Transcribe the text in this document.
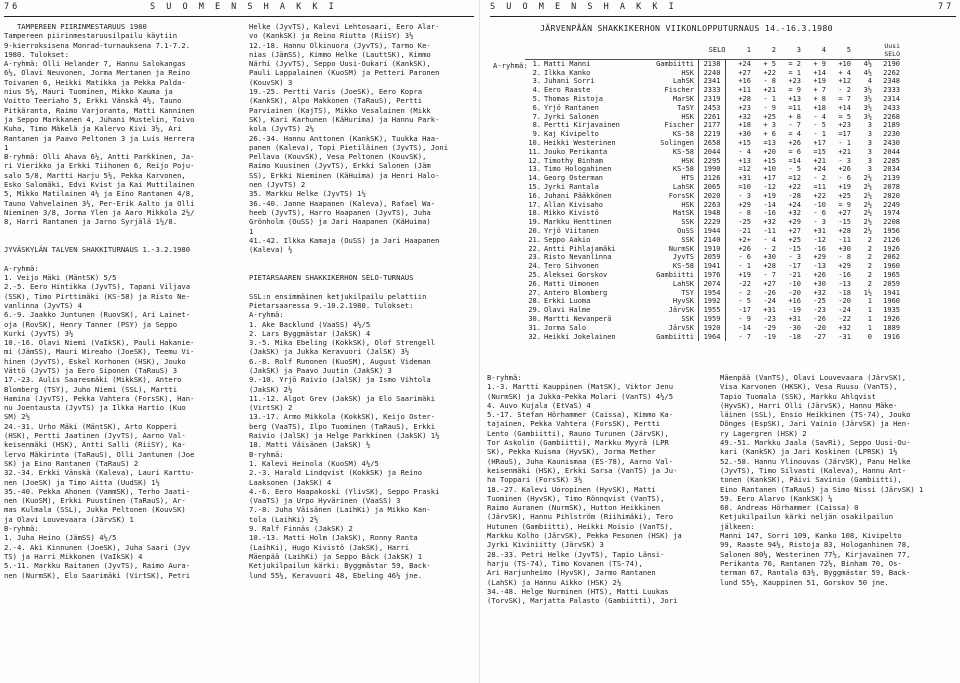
76	S U O M E N S H A K K I
TAMPEREEN PIIRINMESTARUUS 1980
Tampereen piirinmestaruusilpailu käytiin
9-kierroksisena Monrad-turnauksena 7.1-7.2.
1980. Tulokset:
A-ryhmä: Olli Helander 7, Hannu Salokangas
6½, Olavi Neuvonen, Jorma Mertanen ja Reino
Toivanen 6, Heikki Matikka ja Pekka Palda-
nius 5½, Mauri Tuominen, Mikko Kauma ja
Voitto Teeriaho 5, Erkki Vänskä 4½, Tauno
Pitkäranta, Raimo Varjoranta, Matti Kanninen
ja Seppo Markkanen 4, Juhani Mustelin, Toivo
Kuha, Timo Mäkelä ja Kalervo Kivi 3½, Ari
Rantanen ja Paavo Peltonen 3 ja Luis Herrera
1
B-ryhmä: Olli Ahava 6½, Antti Parkkinen, Ja-
ri Vierikko ja Erkki Tiihonen 6, Reijo Poju-
salo 5/8, Martti Harju 5½, Pekka Karvonen,
Esko Salomäki, Edvi Kvist ja Kai Muttilainen
5, Mikko Matilainen 4½ ja Eino Rantanen 4/8,
Tauno Vahvelainen 3½, Per-Erik Aalto ja Olli
Nieminen 3/8, Jorma Ylen ja Aaro Mikkola 2½/
8, Harri Rantanen ja Jarno Syrjälä 1½/8.

JYVÄSKYLÄN TALVEN SHAKKITURNAUS 1.-3.2.1980

A-ryhmä:
1. Veijo Mäki (MäntSK) 5/5
2.-5. Eero Hintikka (JyvTS), Tapani Viljava
(SSK), Timo Pirttimäki (KS-58) ja Risto Ne-
vanlinna (JyvTS) 4
6.-9. Jaakko Juntunen (RuovSK), Ari Lainet-
oja (RovSK), Henry Tanner (PSY) ja Seppo
Kurki (JyvTS) 3½
10.-16. Olavi Niemi (VaIkSK), Pauli Hakanie-
mi (JämSS), Mauri Wireaho (JoeSK), Teemu Vi-
hinen (JyvTS), Eskel Korhonen (HSK), Jouko
Vättö (JyvTS) ja Eero Siponen (TaRauS) 3
17.-23. Aulis Saaresmäki (MikkSK), Antero
Blomberg (TSY), Juho Niemi (SSL), Martti
Hamina (JyvTS), Pekka Vahtera (ForsSK), Han-
nu Joentausta (JyvTS) ja Ilkka Hartio (Kuo
SM) 2½
24.-31. Urho Mäki (MäntSK), Arto Kopperi
(HSK), Pertti Jaatinen (JyvTS), Aarno Val-
keisenmäki (HSK), Antti Salli (RiiSY), Ka-
lervo Mäkirinta (TaRauS), Olli Jantunen (Joe
SK) ja Eino Rantanen (TaRauS) 2
32.-34. Erkki Vänskä (Kaleva), Lauri Karttu-
nen (JoeSK) ja Timo Aitta (UudSK) 1½
35.-40. Pekka Ahonen (VammSK), Terho Jaati-
nen (KuoSM), Erkki Puustinen (TaRauS), Ar-
mas Kulmala (SSL), Jukka Peltonen (KouvSK)
ja Olavi Louvevaara (JärvSK) 1
B-ryhmä:
1. Juha Heino (JämSS) 4½/5
2.-4. Aki Kinnunen (JoeSK), Juha Saari (Jyv
TS) ja Harri Mikkonen (VaIkSK) 4
5.-11. Markku Raitanen (JyvTS), Raimo Aura-
nen (NurmSK), Elo Saarimäki (VirtSK), Petri
Helke (JyvTS), Kalevi Lehtosaari, Eero Alar-
vo (KankSK) ja Reino Riutta (RiiSY) 3½
12.-18. Hannu Olkinuora (JyvTS), Tarmo Ke-
nias (JämSS), Kimmo Helke (LauttSK), Kimmo
Närhi (JyvTS), Seppo Uusi-Oukari (KankSK),
Pauli Lappalainen (KuoSM) ja Petteri Paronen
(KouvSK) 3
19.-25. Pertti Varis (JoeSK), Eero Kopra
(KankSK), Alpo Makkonen (TaRauS), Pertti
Parviainen (KajTS), Mikko Vesalainen (Mikk
SK), Kari Karhunen (KäHurima) ja Hannu Park-
kola (JyvTS) 2½
26.-34. Hannu Anttonen (KankSK), Tuukka Haa-
panen (Kaleva), Topi Pietiläinen (JyvTS), Joni
Pellava (KouvSK), Vesa Peltonen (KouvSK),
Raimo Kuusinen (JyvTS), Erkki Salonen (Jäm
SS), Erkki Nieminen (KäHuima) ja Henri Halo-
nen (JyvTS) 2
35. Markku Helke (JyvTS) 1½
36.-40. Janne Haapanen (Kaleva), Rafael Wa-
heeb (JyvTS), Harro Haapanen (JyvTS), Juha
Grönholm (OuSS) ja Jari Haapanen (KäHuima)
1
41.-42. Ilkka Kamaja (OuSS) ja Jari Haapanen
(Kaleva) ½

PIETARSAAREN SHAKKIKERHON SELO-TURNAUS

SSL:n ensimmäinen ketjukilpailu pelattiin
Pietarsaaressa 9.-10.2.1980. Tulokset:
A-ryhmä:
1. Ake Backlund (VaaSS) 4½/5
2. Lars Byggmästar (JakSK) 4
3.-5. Mika Ebeling (KokkSK), Olof Strengell
(JakSK) ja Jukka Keravuori (JalSK) 3½
6.-8. Rolf Runonen (KuoSM), August Videman
(JakSK) ja Paavo Juutin (JakSK) 3
9.-10. Yrjö Raivio (JalSK) ja Ismo Vihtola
(JakSK) 2½
11.-12. Algot Grev (JakSK) ja Elo Saarimäki
(VirtSK) 2
13.-17. Armo Mikkola (KokkSK), Keijo Oster-
berg (VaaTS), Ilpo Tuominen (TaRauS), Erkki
Raivio (JalSK) ja Helge Parkkinen (JakSK) 1½
18. Matti Väisänen (JakSK) ½
B-ryhmä:
1. Kalevi Heinola (KuoSM) 4½/5
2.-3. Harald Lindqvist (KokkSK) ja Reino
Laaksonen (JakSK) 4
4.-6. Eero Haapakoski (YlivSK), Seppo Praski
(VaaTS) ja Urpo Hyvärinen (VaaSS) 3
7.-8. Juha Väisänen (LaihKi) ja Mikko Kan-
tola (LaihKi) 2½
9. Ralf Finnäs (JakSK) 2
10.-13. Matti Holm (JakSK), Ronny Ranta
(LaihKi), Hugo Kivistö (JakSK), Harri
Mäenpää (LaihKi) ja Seppo Bäck (JakSK) 1
Ketjukilpailun kärki: Byggmästar 59, Back-
lund 55½, Keravuori 48, Ebeling 46½ jne.
S U O M E N S H A K K I	77
JÄRVENPÄÄN SHAKKIKERHON VIIKONLOPPUTURNAUS 14.-16.3.1980
A-ryhmä:
			SELO	1	2	3	4	5		Uusi
SELO
1.	Matti Manni	Gambiitti	2138	+24	+ 5	= 2	+ 9	+10	4½	2190
2.	Ilkka Kanko	HSK	2240	+27	+22	= 1	+14	+ 4	4½	2262
3.	Juhani Sorri	LahSK	2341	+16	- 8	+23	+19	+12	4	2348
4.	Eero Raaste	Fischer	2333	+11	+21	= 9	+ 7	- 2	3½	2333
5.	Thomas Ristoja	MarSK	2319	+28	- 1	+13	+ 8	= 7	3½	2314
6.	Yrjö Rantanen	TaSY	2453	+23	- 9	=11	+18	+14	3½	2433
7.	Jyrki Salonen	HSK	2261	+32	+25	+ 8	- 4	= 5	3½	2268
8.	Pertti Kirjavainen	Fischer	2177	+18	+ 3	- 7	- 5	+23	3	2189
9.	Kaj Kivipelto	KS-58	2219	+30	+ 6	= 4	- 1	=17	3	2230
10.	Heikki Westerinen	Solingen	2658	+15	=13	+26	+17	- 1	3	2430
11.	Jouko Perikanta	KS-58	2044	- 4	+20	= 6	=15	+21	3	2044
12.	Timothy Binham	HSK	2295	+13	+15	=14	+21	- 3	3	2285
13.	Timo Hologahinen	KS-58	1990	=12	+10	- 5	+24	+26	3	2034
14.	Georg Osterman	HTS	2126	+31	+17	=12	- 2	- 6	2½	2139
15.	Jyrki Rantala	LahSK	2065	=10	-12	+22	=11	+19	2½	2078
16.	Juhani Pääkkönen	ForsSK	2020	- 3	+19	-28	+22	+25	2½	2020
17.	Allan Kivisaho	HSK	2263	+29	-14	+24	-10	= 9	2½	2249
18.	Mikko Kivistö	MatSK	1948	- 8	-16	+32	- 6	+27	2½	1974
19.	Markku Henttinen	SSK	2229	-25	+32	+29	- 3	-15	2½	2208
20.	Yrjö Viitanen	OuSS	1944	-21	-11	+27	+31	+28	2½	1956
21.	Seppo Aakio	SSK	2140	+2+	- 4	+25	-12	-11	2	2126
22.	Antti Pihlajamäki	NurmSK	1910	+26	- 2	-15	-16	+30	2	1926
23.	Risto Nevanlinna	JyvTS	2059	- 6	+30	- 3	+29	- 8	2	2062
24.	Tero Sihvonen	KS-58	1941	- 1	+28	-17	-13	+29	2	1960
25.	Aleksei Gorskov	Gambiitti	1976	+19	- 7	-21	+26	-16	2	1965
26.	Matti Uimonen	LahSK	2074	-22	+27	-10	+30	-13	2	2059
27.	Antero Blomberg	TSY	1954	- 2	-26	-20	+32	-18	1½	1941
28.	Erkki Luoma	HyvSK	1992	- 5	-24	+16	-25	-20	1	1960
29.	Olavi Halme	JärvSK	1955	-17	+31	-19	-23	-24	1	1935
30.	Martti Nevanperä	SSK	1959	- 9	-23	+31	-26	-22	1	1926
31.	Jorma Salo	JärvSK	1920	-14	-29	-30	-20	+32	1	1889
32.	Heikki Jokelainen	Gambiitti	1964	- 7	-19	-18	-27	-31	0	1916
B-ryhmä:
1.-3. Martti Kauppinen (MatSK), Viktor Jenu
(NurmSK) ja Jukka-Pekka Molari (VanTS) 4½/5
4. Auvo Kujala (EtVaS) 4
5.-17. Stefan Hörhammer (Caissa), Kimmo Ka-
tajainen, Pekka Vahtera (ForsSK), Pertti
Lento (Gambiitti), Rauno Turunen (JärvSK),
Tor Askolin (Gambiitti), Markku Myyrä (LPR
SK), Pekka Kuisma (HyvSK), Jorma Mether
(HRauS), Juha Kaunismaa (ES-78), Aarno Val-
keisenmäki (HSK), Erkki Sarsa (VanTS) ja Ju-
ha Toppari (ForsSK) 3½
18.-27. Kalevi Uoropinen (HyvSK), Matti
Tuominen (HyvSK), Timo Rönnqvist (VanTS),
Raimo Auranen (NurmSK), Hutton Heikkinen
(JärvSK), Hannu Pihlström (Riihimäki), Tero
Hutunen (Gambiitti), Heikki Moisio (VanTS),
Markku Kolho (JärvSK), Pekka Pesonen (HSK) ja
Jyrki Kiviniitty (JärvSK) 3
28.-33. Petri Helke (JyvTS), Tapio Länsi-
harju (TS-74), Timo Kovanen (TS-74),
Ari Harjunheimo (HyvSK), Jarmo Rantanen
(LahSK) ja Hannu Aikko (HSK) 2½
34.-48. Helge Nurminen (HTS), Matti Luukas
(TorvSK), Marjatta Palasto (Gambiitti), Jori
Mäenpää (VanTS), Olavi Louvevaara (JärvSK),
Visa Karvonen (HKSK), Vesa Ruusu (VanTS),
Tapio Tuomala (SSK), Markku Ahlqvist
(HyvSK), Harri Olli (JärvSK), Hannu Mäke-
läinen (SSL), Ensio Heikkinen (TS-74), Jouko
Dönges (EspSK), Jari Vainio (JärvSK) ja Hen-
ry Lagergren (HSK) 2
49.-51. Markku Jaala (SavRi), Seppo Uusi-Ou-
kari (KankSK) ja Jari Koskinen (LPRSK) 1½
52.-58. Hannu Ylinouvas (JärvSK), Panu Helke
(JyvTS), Timo Silvasti (Kaleva), Hannu Ant-
tonen (KankSK), Päivi Savinio (Gambiitti),
Eino Rantanen (TaRauS) ja Simo Nissi (JärvSK) 1
59. Eero Alarvo (KankSK) ½
60. Andreas Hörhammer (Caissa) 0
Ketjukilpailun kärki neljän osakilpailun
jälkeen:
Manni 147, Sorri 109, Kanko 108, Kivipelto
99, Raaste 94½, Ristoja 83, Hologanhinen 78,
Salonen 80½, Westerinen 77½, Kirjavainen 77,
Perikanta 76, Rantanen 72½, Binham 70, Os-
terman 67, Rantala 63½, Byggmästar 59, Back-
lund 55½, Kauppinen 51, Gorskov 50 jne.
